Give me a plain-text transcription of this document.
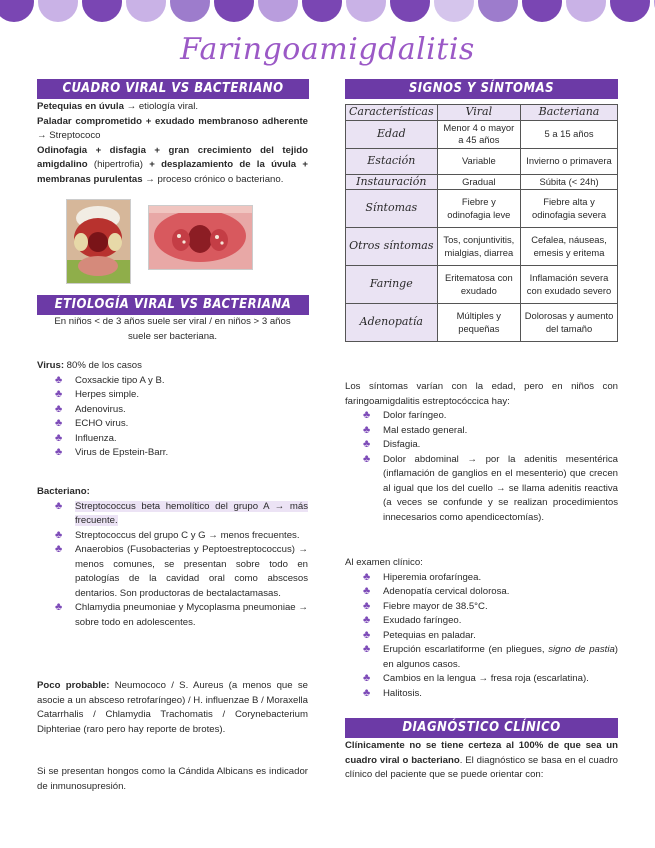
Faringoamigdalitis
CUADRO VIRAL VS BACTERIANO

Petequias en úvula → etiología viral.

Paladar comprometido + exudado membranoso adherente → Streptococo

Odinofagia + disfagia + gran crecimiento del tejido amigdalino (hipertrofia) + desplazamiento de la úvula + membranas purulentas → proceso crónico o bacteriano.

ETIOLOGÍA VIRAL VS BACTERIANA

En niños < de 3 años suele ser viral / en niños > 3 años suele ser bacteriana.

Virus: 80% de los casos

♣ Coxsackie tipo A y B.
♣ Herpes simple.
♣ Adenovirus.
♣ ECHO virus.
♣ Influenza.
♣ Virus de Epstein-Barr.

Bacteriano:

♣ Streptococcus beta hemolítico del grupo A → más frecuente.
♣ Streptococcus del grupo C y G → menos frecuentes.
♣ Anaerobios (Fusobacterias y Peptoestreptococcus) → menos comunes, se presentan sobre todo en patologías de la cavidad oral como abscesos dentarios. Son productoras de bectalactamasas.
♣ Chlamydia pneumoniae y Mycoplasma pneumoniae → sobre todo en adolescentes.

Poco probable: Neumococo / S. Aureus (a menos que se asocie a un absceso retrofaríngeo) / H. influenzae B / Moraxella Catarrhalis / Chlamydia Trachomatis / Corynebacterium Diphteriae (raro pero hay reporte de brotes).

Si se presentan hongos como la Cándida Albicans es indicador de inmunosupresión.

SIGNOS Y SÍNTOMAS
Características	Viral	Bacteriana
Edad	Menor 4 o mayor a 45 años	5 a 15 años
Estación	Variable	Invierno o primavera
Instauración	Gradual	Súbita (< 24h)
Síntomas	Fiebre y odinofagia leve	Fiebre alta y odinofagia severa
Otros síntomas	Tos, conjuntivitis, mialgias, diarrea	Cefalea, náuseas, emesis y eritema
Faringe	Eritematosa con exudado	Inflamación severa con exudado severo
Adenopatía	Múltiples y pequeñas	Dolorosas y aumento del tamaño

Los síntomas varían con la edad, pero en niños con faringoamigdalitis estreptocóccica hay:

♣ Dolor faríngeo.
♣ Mal estado general.
♣ Disfagia.
♣ Dolor abdominal → por la adenitis mesentérica (inflamación de ganglios en el mesenterio) que crecen al igual que los del cuello → se llama adenitis reactiva (a veces se confunde y se realizan procedimientos innecesarios como apendicectomías).

Al examen clínico:

♣ Hiperemia orofaríngea.
♣ Adenopatía cervical dolorosa.
♣ Fiebre mayor de 38.5°C.
♣ Exudado faríngeo.
♣ Petequias en paladar.
♣ Erupción escarlatiforme (en pliegues, signo de pastia) en algunos casos.
♣ Cambios en la lengua → fresa roja (escarlatina).
♣ Halitosis.
DIAGNÓSTICO CLÍNICO

Clínicamente no se tiene certeza al 100% de que sea un cuadro viral o bacteriano. El diagnóstico se basa en el cuadro clínico del paciente que se puede orientar con:
